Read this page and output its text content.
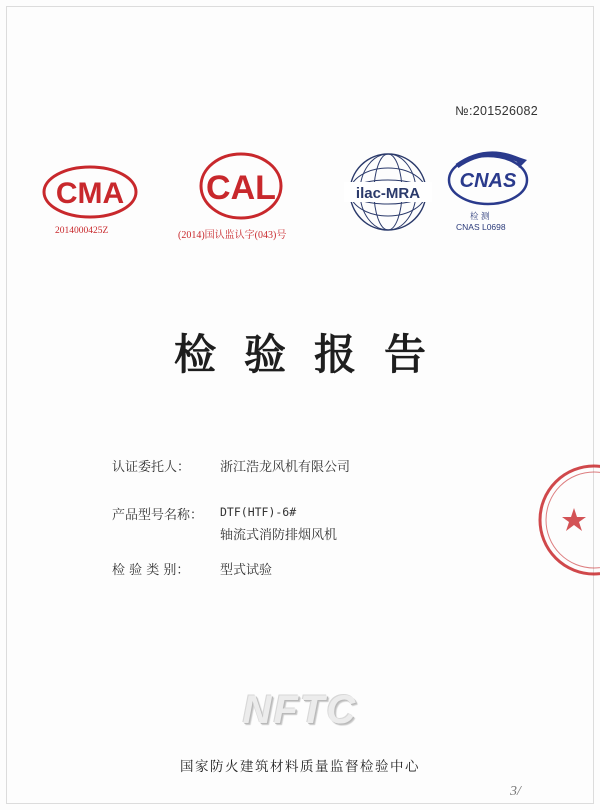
№:201526082
CMA
2014000425Z
CAL
(2014)国认监认字(043)号
ilac-MRA
CNAS
检 测
CNAS L0698
检验报告
认证委托人： 浙江浩龙风机有限公司
产品型号名称： DTF(HTF)-6#
轴流式消防排烟风机
检 验 类 别： 型式试验
NFTC
国家防火建筑材料质量监督检验中心
3/
